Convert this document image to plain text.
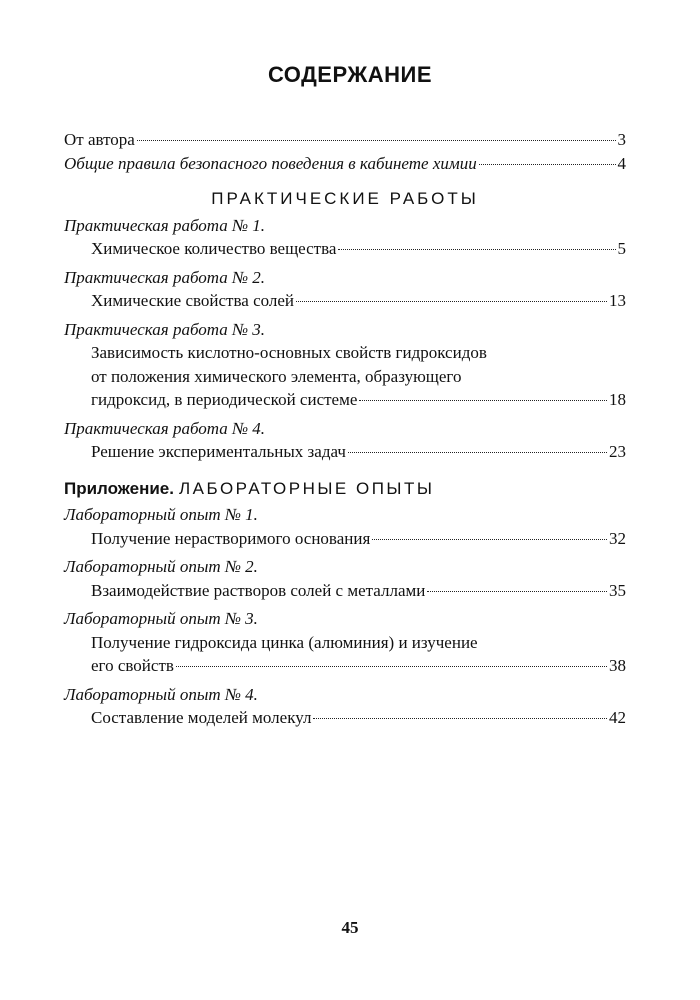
СОДЕРЖАНИЕ
От автора	3
Общие правила безопасного поведения в кабинете химии	4
ПРАКТИЧЕСКИЕ РАБОТЫ
Практическая работа № 1.
Химическое количество вещества	5
Практическая работа № 2.
Химические свойства солей	13
Практическая работа № 3.
Зависимость кислотно-основных свойств гидроксидов
от положения химического элемента, образующего
гидроксид, в периодической системе	18
Практическая работа № 4.
Решение экспериментальных задач	23
Приложение. ЛАБОРАТОРНЫЕ ОПЫТЫ
Лабораторный опыт № 1.
Получение нерастворимого основания	32
Лабораторный опыт № 2.
Взаимодействие растворов солей с металлами	35
Лабораторный опыт № 3.
Получение гидроксида цинка (алюминия) и изучение
его свойств	38
Лабораторный опыт № 4.
Составление моделей молекул	42
45
